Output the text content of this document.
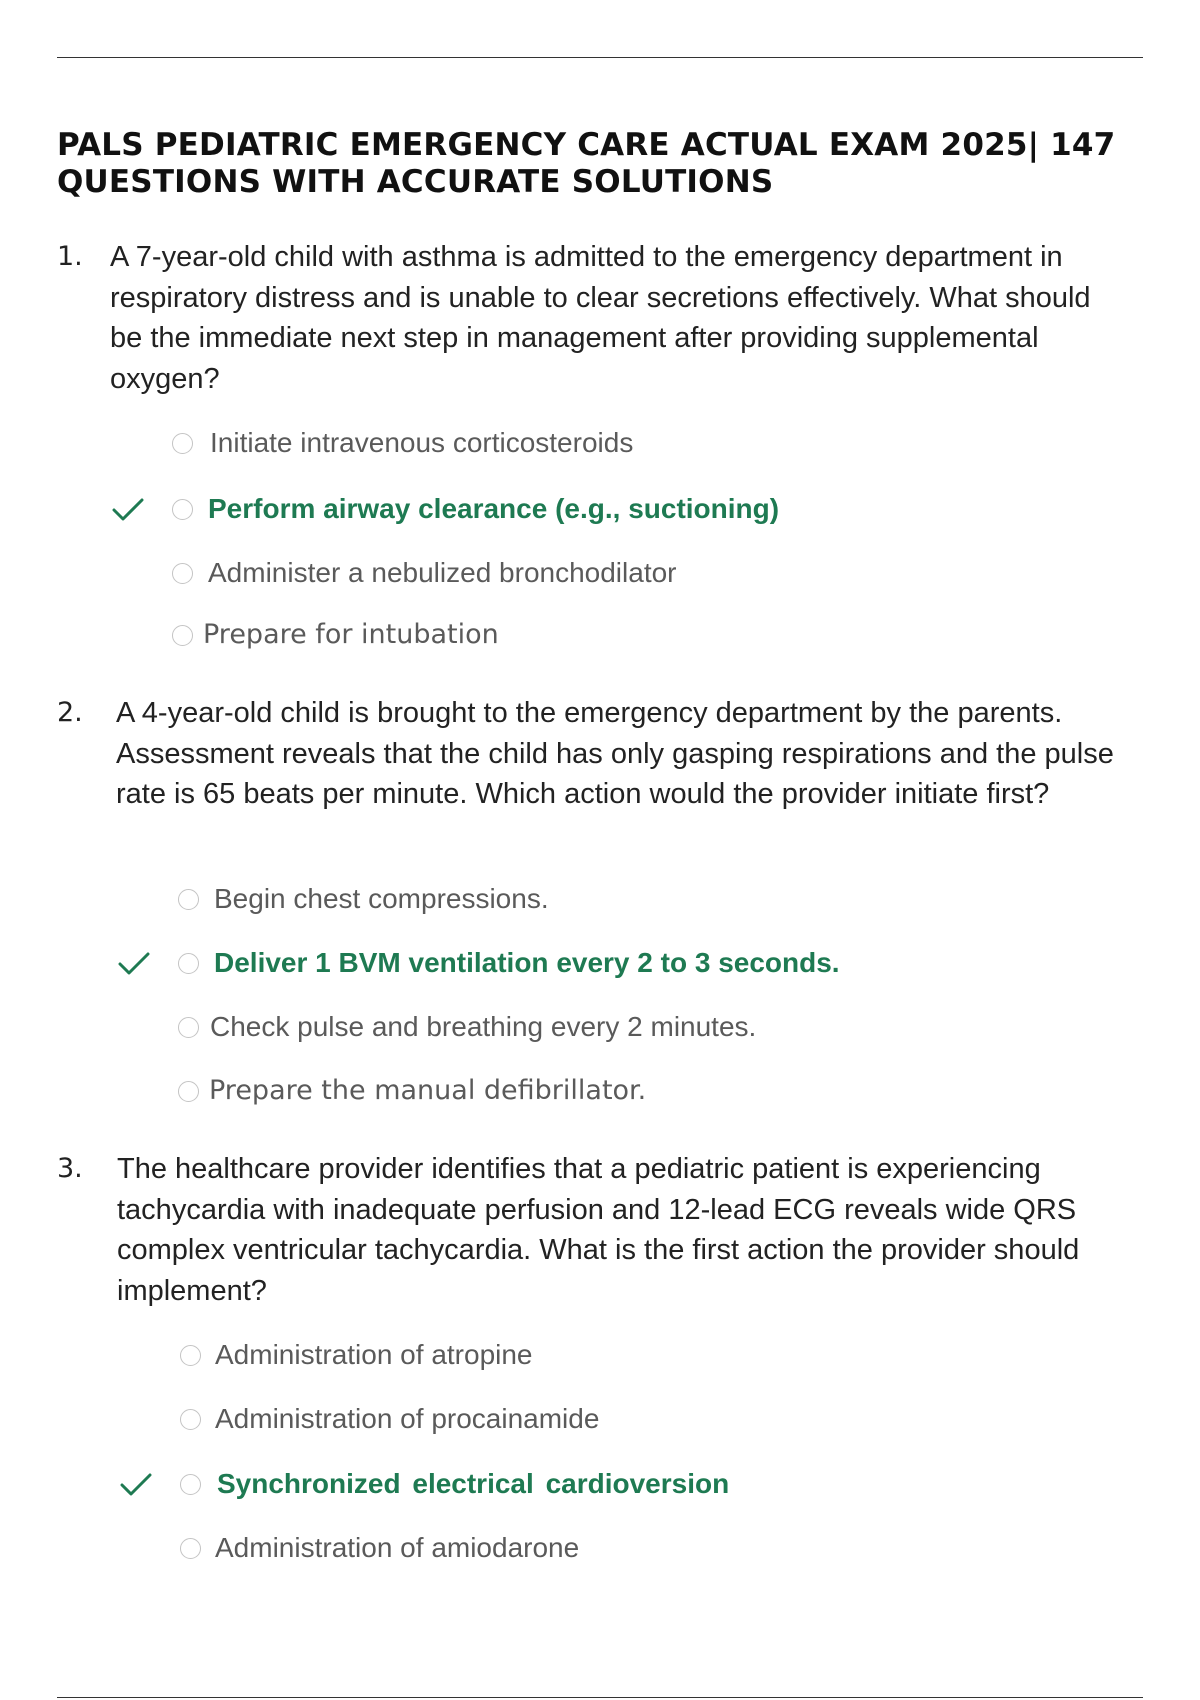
PALS PEDIATRIC EMERGENCY CARE ACTUAL EXAM 2025| 147
QUESTIONS WITH ACCURATE SOLUTIONS
1. A 7-year-old child with asthma is admitted to the emergency department in respiratory distress and is unable to clear secretions effectively. What should be the immediate next step in management after providing supplemental oxygen?
Initiate intravenous corticosteroids
Perform airway clearance (e.g., suctioning)
Administer a nebulized bronchodilator
Prepare for intubation
2. A 4-year-old child is brought to the emergency department by the parents. Assessment reveals that the child has only gasping respirations and the pulse rate is 65 beats per minute. Which action would the provider initiate first?
Begin chest compressions.
Deliver 1 BVM ventilation every 2 to 3 seconds.
Check pulse and breathing every 2 minutes.
Prepare the manual defibrillator.
3. The healthcare provider identifies that a pediatric patient is experiencing tachycardia with inadequate perfusion and 12-lead ECG reveals wide QRS complex ventricular tachycardia. What is the first action the provider should implement?
Administration of atropine
Administration of procainamide
Synchronized electrical cardioversion
Administration of amiodarone
